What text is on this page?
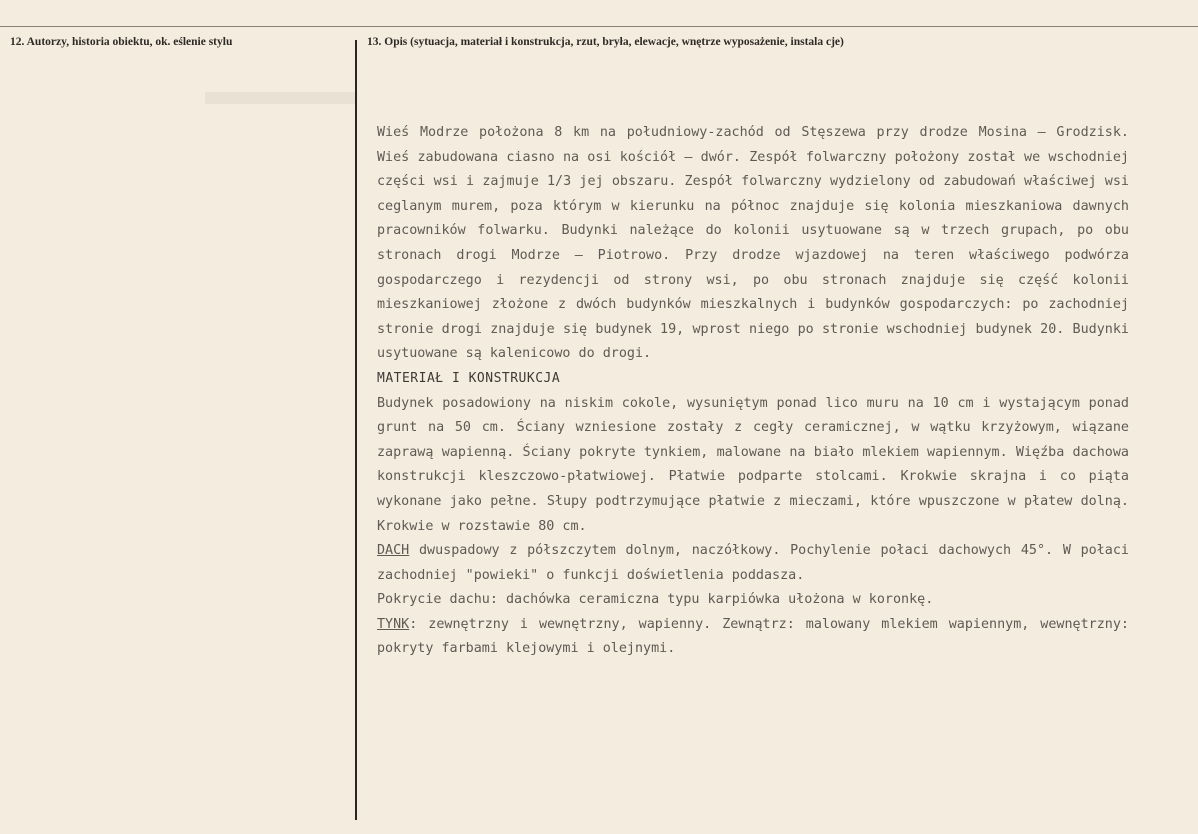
12. Autorzy, historia obiektu, ok. eślenie stylu	13. Opis (sytuacja, materiał i konstrukcja, rzut, bryła, elewacje, wnętrze wyposażenie, instala cje)

Wieś Modrze położona 8 km na południowy-zachód od Stęszewa przy drodze Mosina – Grodzisk. Wieś zabudowana ciasno na osi kościół – dwór. Zespół folwarczny położony został we wschodniej części wsi i zajmuje 1/3 jej obszaru. Zespół folwarczny wydzielony od zabudowań właściwej wsi ceglanym murem, poza którym w kierunku na północ znajduje się kolonia mieszkaniowa dawnych pracowników folwarku. Budynki należące do kolonii usytuowane są w trzech grupach, po obu stronach drogi Modrze – Piotrowo. Przy drodze wjazdowej na teren właściwego podwórza gospodarczego i rezydencji od strony wsi, po obu stronach znajduje się część kolonii mieszkaniowej złożone z dwóch budynków mieszkalnych i budynków gospodarczych: po zachodniej stronie drogi znajduje się budynek 19, wprost niego po stronie wschodniej budynek 20. Budynki usytuowane są kalenicowo do drogi.

MATERIAŁ I KONSTRUKCJA

Budynek posadowiony na niskim cokole, wysuniętym ponad lico muru na 10 cm i wystającym ponad grunt na 50 cm. Ściany wzniesione zostały z cegły ceramicznej, w wątku krzyżowym, wiązane zaprawą wapienną. Ściany pokryte tynkiem, malowane na biało mlekiem wapiennym. Więźba dachowa konstrukcji kleszczowo-płatwiowej. Płatwie podparte stolcami. Krokwie skrajna i co piąta wykonane jako pełne. Słupy podtrzymujące płatwie z mieczami, które wpuszczone w płatew dolną. Krokwie w rozstawie 80 cm.

DACH dwuspadowy z półszczytem dolnym, naczółkowy. Pochylenie połaci dachowych 45°. W połaci zachodniej "powieki" o funkcji doświetlenia poddasza.

Pokrycie dachu: dachówka ceramiczna typu karpiówka ułożona w koronkę.

TYNK: zewnętrzny i wewnętrzny, wapienny. Zewnątrz: malowany mlekiem wapiennym, wewnętrzny: pokryty farbami klejowymi i olejnymi.
